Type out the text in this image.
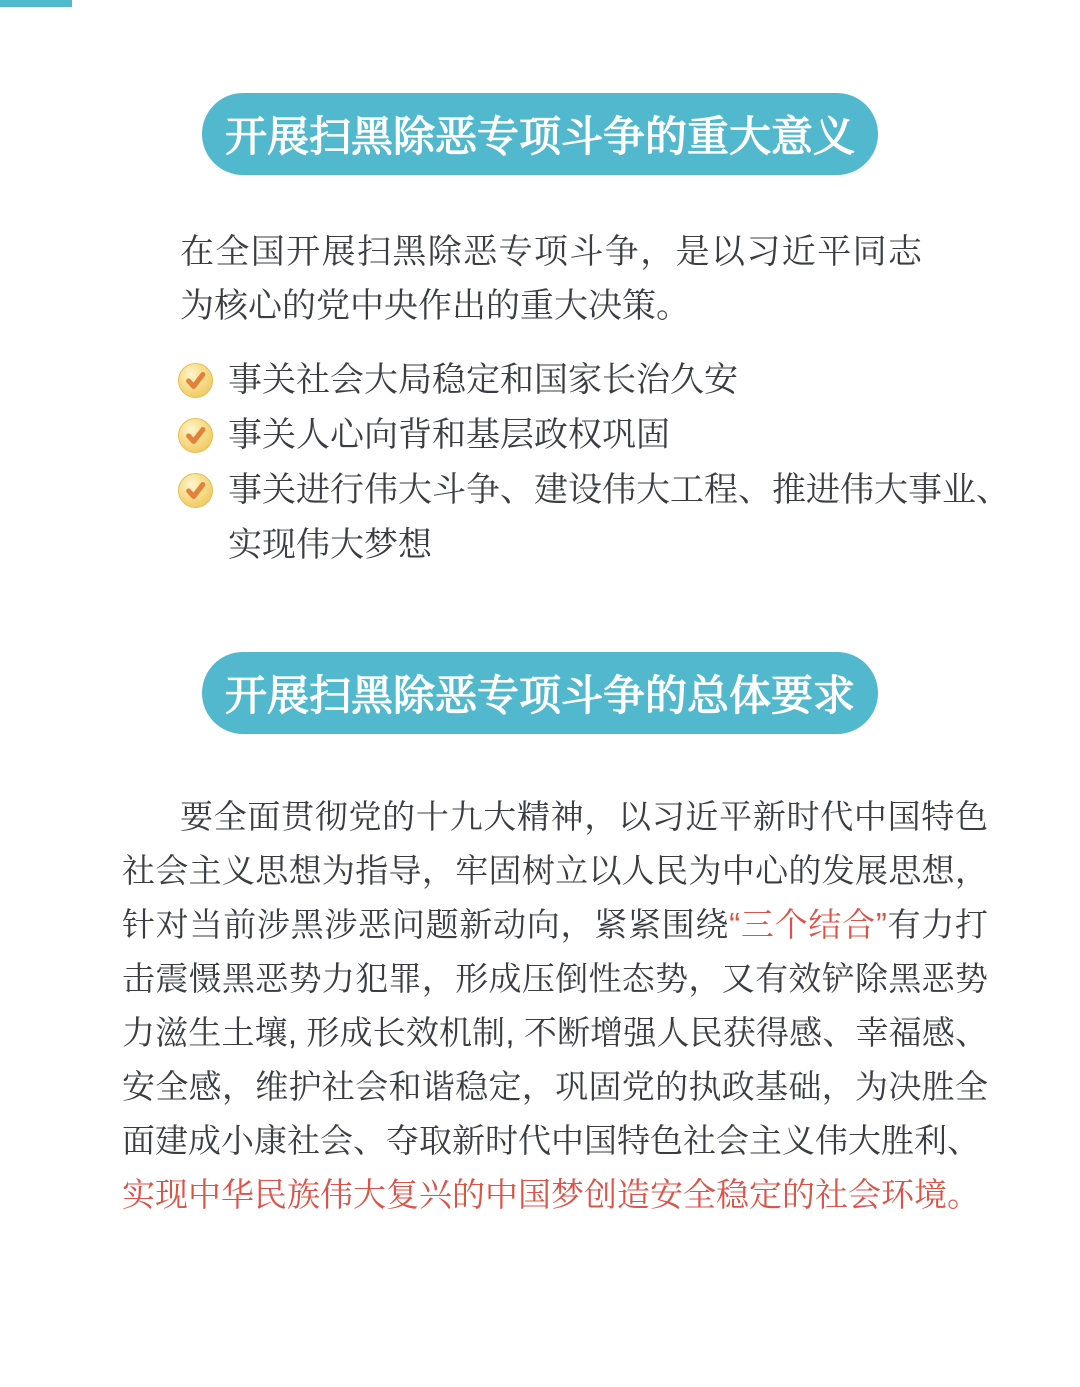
开展扫黑除恶专项斗争的重大意义

在全国开展扫黑除恶专项斗争，是以习近平同志为核心的党中央作出的重大决策。

事关社会大局稳定和国家长治久安
事关人心向背和基层政权巩固
事关进行伟大斗争、建设伟大工程、推进伟大事业、实现伟大梦想
开展扫黑除恶专项斗争的总体要求
要全面贯彻党的十九大精神，以习近平新时代中国特色社会主义思想为指导，牢固树立以人民为中心的发展思想，针对当前涉黑涉恶问题新动向，紧紧围绕“三个结合”有力打击震慑黑恶势力犯罪，形成压倒性态势，又有效铲除黑恶势力滋生土壤, 形成长效机制, 不断增强人民获得感、幸福感、安全感，维护社会和谐稳定，巩固党的执政基础，为决胜全面建成小康社会、夺取新时代中国特色社会主义伟大胜利、
实现中华民族伟大复兴的中国梦创造安全稳定的社会环境。
